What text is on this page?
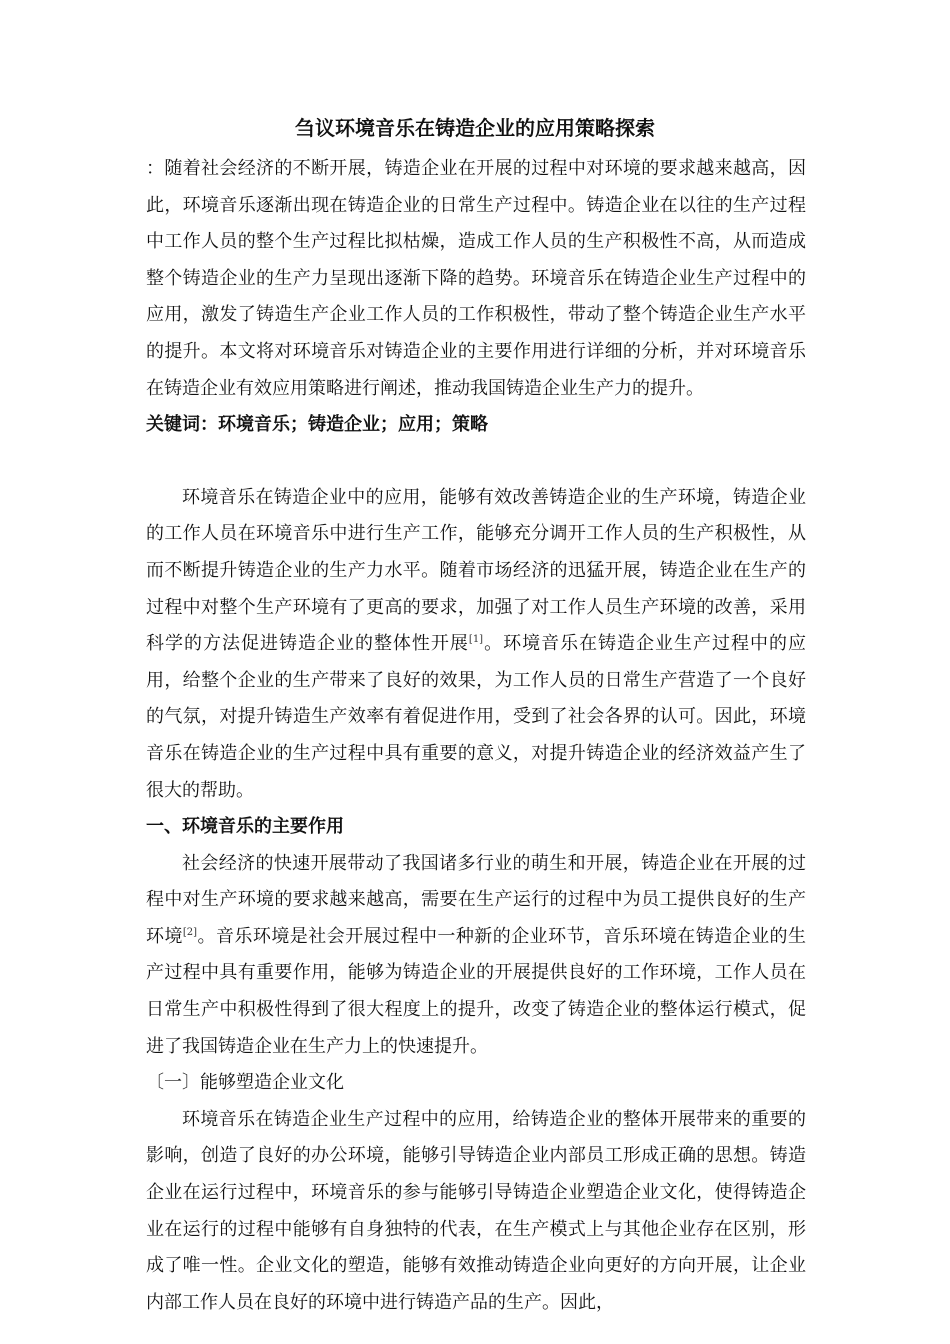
刍议环境音乐在铸造企业的应用策略探索

：随着社会经济的不断开展，铸造企业在开展的过程中对环境的要求越来越高，因此，环境音乐逐渐出现在铸造企业的日常生产过程中。铸造企业在以往的生产过程中工作人员的整个生产过程比拟枯燥，造成工作人员的生产积极性不高，从而造成整个铸造企业的生产力呈现出逐渐下降的趋势。环境音乐在铸造企业生产过程中的应用，激发了铸造生产企业工作人员的工作积极性，带动了整个铸造企业生产水平的提升。本文将对环境音乐对铸造企业的主要作用进行详细的分析，并对环境音乐在铸造企业有效应用策略进行阐述，推动我国铸造企业生产力的提升。

关键词：环境音乐；铸造企业；应用；策略

环境音乐在铸造企业中的应用，能够有效改善铸造企业的生产环境，铸造企业的工作人员在环境音乐中进行生产工作，能够充分调开工作人员的生产积极性，从而不断提升铸造企业的生产力水平。随着市场经济的迅猛开展，铸造企业在生产的过程中对整个生产环境有了更高的要求，加强了对工作人员生产环境的改善，采用科学的方法促进铸造企业的整体性开展[1]。环境音乐在铸造企业生产过程中的应用，给整个企业的生产带来了良好的效果，为工作人员的日常生产营造了一个良好的气氛，对提升铸造生产效率有着促进作用，受到了社会各界的认可。因此，环境音乐在铸造企业的生产过程中具有重要的意义，对提升铸造企业的经济效益产生了很大的帮助。

一、环境音乐的主要作用

社会经济的快速开展带动了我国诸多行业的萌生和开展，铸造企业在开展的过程中对生产环境的要求越来越高，需要在生产运行的过程中为员工提供良好的生产环境[2]。音乐环境是社会开展过程中一种新的企业环节，音乐环境在铸造企业的生产过程中具有重要作用，能够为铸造企业的开展提供良好的工作环境，工作人员在日常生产中积极性得到了很大程度上的提升，改变了铸造企业的整体运行模式，促进了我国铸造企业在生产力上的快速提升。

〔一〕能够塑造企业文化

环境音乐在铸造企业生产过程中的应用，给铸造企业的整体开展带来的重要的影响，创造了良好的办公环境，能够引导铸造企业内部员工形成正确的思想。铸造企业在运行过程中，环境音乐的参与能够引导铸造企业塑造企业文化，使得铸造企业在运行的过程中能够有自身独特的代表，在生产模式上与其他企业存在区别，形成了唯一性。企业文化的塑造，能够有效推动铸造企业向更好的方向开展，让企业内部工作人员在良好的环境中进行铸造产品的生产。因此，
